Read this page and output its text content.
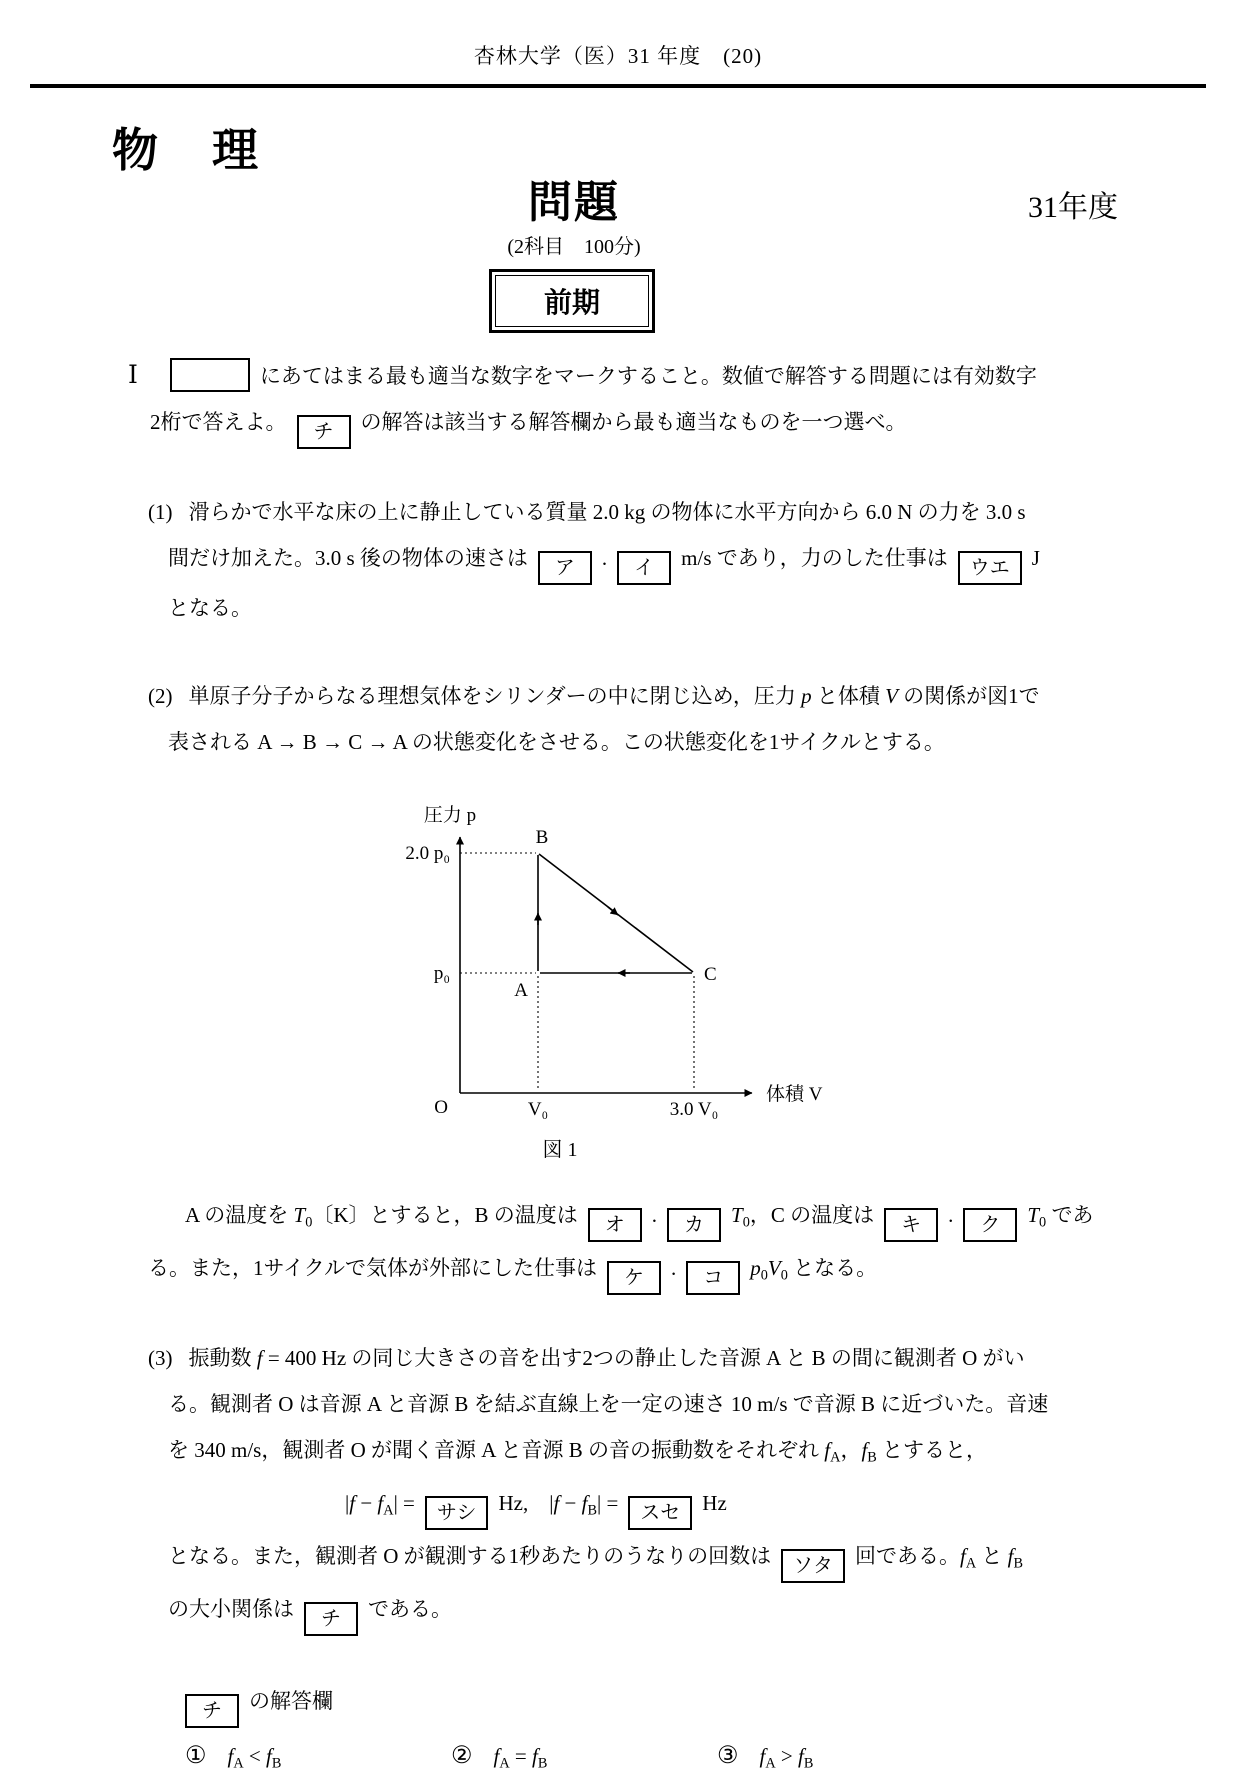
杏林大学（医）31 年度　(20)
物　理
問題	31年度
(2科目　100分)
前期
Ⅰ	にあてはまる最も適当な数字をマークすること。数値で解答する問題には有効数字
2桁で答えよ。 チ の解答は該当する解答欄から最も適当なものを一つ選べ。
(1) 滑らかで水平な床の上に静止している質量 2.0 kg の物体に水平方向から 6.0 N の力を 3.0 s
間だけ加えた。3.0 s 後の物体の速さは ア . イ m/s であり，力のした仕事は ウエ J
となる。
(2) 単原子分子からなる理想気体をシリンダーの中に閉じ込め，圧力 p と体積 V の関係が図1で
表される A → B → C → A の状態変化をさせる。この状態変化を1サイクルとする。
圧力 p
体積 V
O
2.0 p₀
p₀
V₀	3.0 V₀
B
A
C
図 1
A の温度を $T_0$〔K〕とすると，B の温度は オ . カ $T_0$，C の温度は キ . ク $T_0$ であ
る。また，1サイクルで気体が外部にした仕事は ケ . コ $p_0V_0$ となる。
(3) 振動数 f = 400 Hz の同じ大きさの音を出す2つの静止した音源 A と B の間に観測者 O がい
る。観測者 O は音源 A と音源 B を結ぶ直線上を一定の速さ 10 m/s で音源 B に近づいた。音速
を 340 m/s，観測者 O が聞く音源 A と音源 B の音の振動数をそれぞれ $f_A$，$f_B$ とすると，
$|f - f_A|$ = サシ Hz,　$|f - f_B|$ = スセ Hz
となる。また，観測者 O が観測する1秒あたりのうなりの回数は ソタ 回である。$f_A$ と $f_B$
の大小関係は チ である。
チ の解答欄
①　 $f_A < f_B$	②　 $f_A = f_B$	③　 $f_A > f_B$
